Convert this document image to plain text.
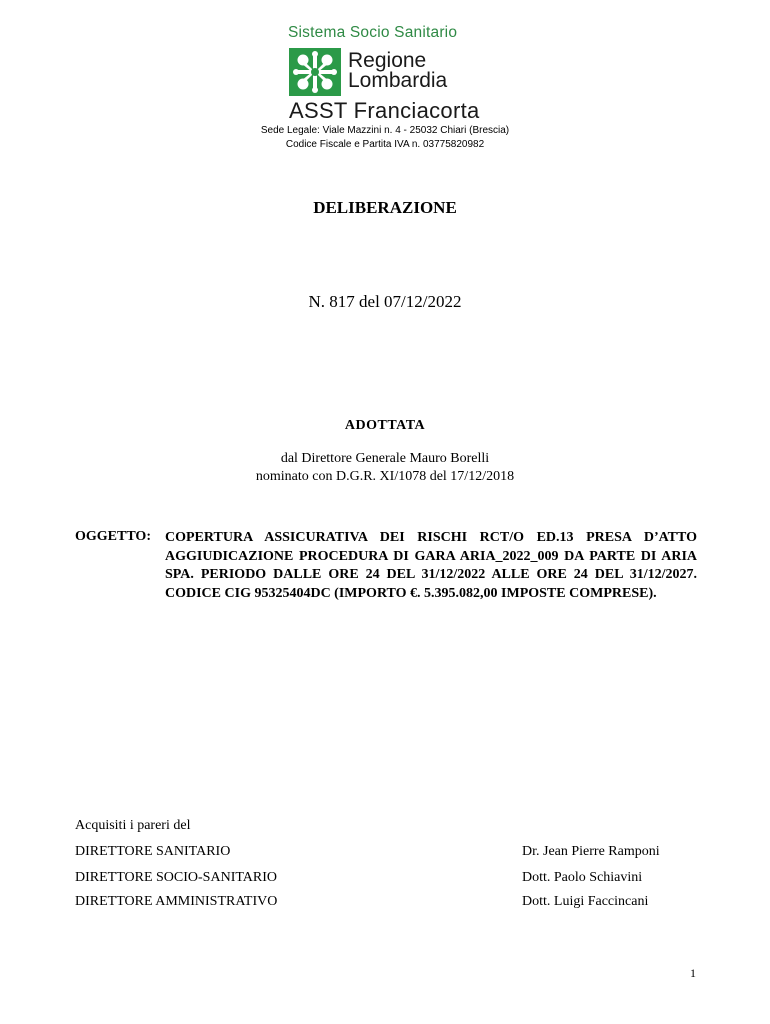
Sistema Socio Sanitario
Regione
Lombardia
ASST Franciacorta
Sede Legale: Viale Mazzini n. 4 - 25032 Chiari (Brescia)
Codice Fiscale e Partita IVA n. 03775820982
DELIBERAZIONE
N. 817 del 07/12/2022
ADOTTATA
dal Direttore Generale Mauro Borelli
nominato con D.G.R. XI/1078 del 17/12/2018
OGGETTO: COPERTURA ASSICURATIVA DEI RISCHI RCT/O ED.13 PRESA D’ATTO AGGIUDICAZIONE PROCEDURA DI GARA ARIA_2022_009 DA PARTE DI ARIA SPA. PERIODO DALLE ORE 24 DEL 31/12/2022 ALLE ORE 24 DEL 31/12/2027. CODICE CIG 95325404DC (IMPORTO €. 5.395.082,00 IMPOSTE COMPRESE).
Acquisiti i pareri del
DIRETTORE SANITARIO	Dr. Jean Pierre Ramponi
DIRETTORE SOCIO-SANITARIO	Dott. Paolo Schiavini
DIRETTORE AMMINISTRATIVO	Dott. Luigi Faccincani
1
